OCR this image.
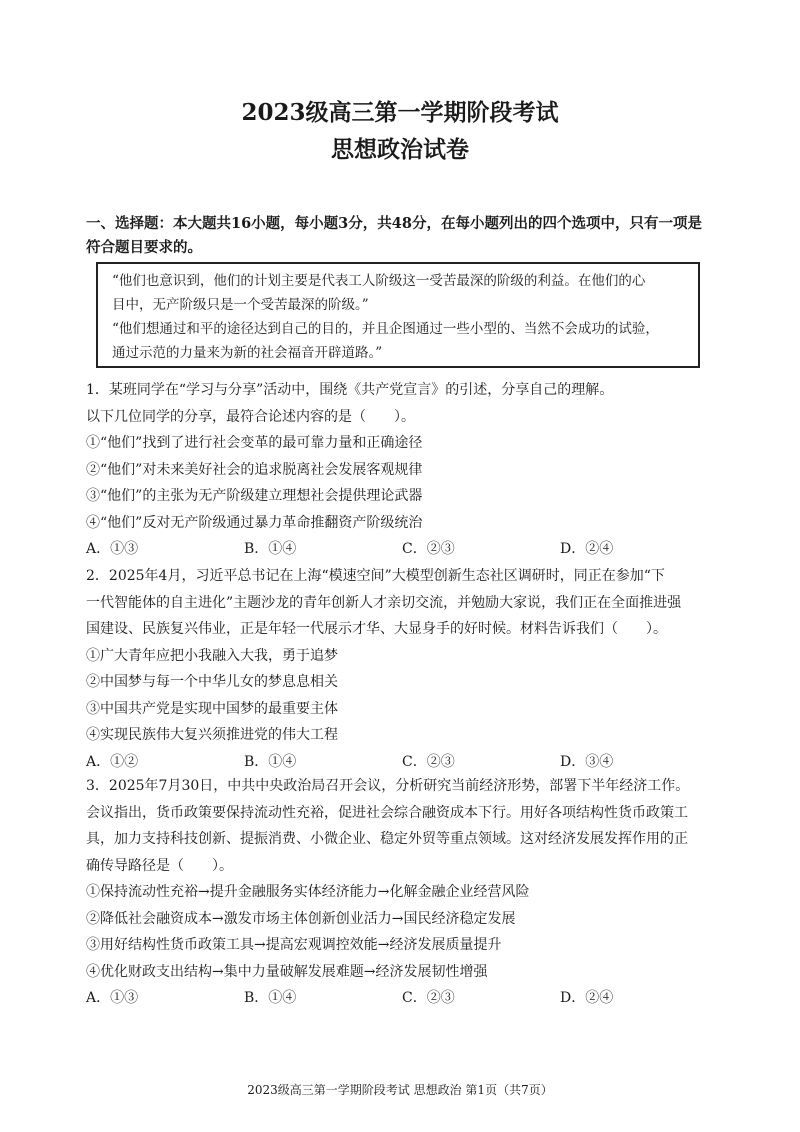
2023级高三第一学期阶段考试
思想政治试卷
一、选择题：本大题共16小题，每小题3分，共48分，在每小题列出的四个选项中，只有一项是
符合题目要求的。
“他们也意识到，他们的计划主要是代表工人阶级这一受苦最深的阶级的利益。在他们的心
目中，无产阶级只是一个受苦最深的阶级。”
“他们想通过和平的途径达到自己的目的，并且企图通过一些小型的、当然不会成功的试验，
通过示范的力量来为新的社会福音开辟道路。”
1．某班同学在“学习与分享”活动中，围绕《共产党宣言》的引述，分享自己的理解。
以下几位同学的分享，最符合论述内容的是（　　）。
①“他们”找到了进行社会变革的最可靠力量和正确途径
②“他们”对未来美好社会的追求脱离社会发展客观规律
③“他们”的主张为无产阶级建立理想社会提供理论武器
④“他们”反对无产阶级通过暴力革命推翻资产阶级统治
A．①③	B．①④	C．②③	D．②④
2．2025年4月，习近平总书记在上海“模速空间”大模型创新生态社区调研时，同正在参加“下
一代智能体的自主进化”主题沙龙的青年创新人才亲切交流，并勉励大家说，我们正在全面推进强
国建设、民族复兴伟业，正是年轻一代展示才华、大显身手的好时候。材料告诉我们（　　）。
①广大青年应把小我融入大我，勇于追梦
②中国梦与每一个中华儿女的梦息息相关
③中国共产党是实现中国梦的最重要主体
④实现民族伟大复兴须推进党的伟大工程
A．①②	B．①④	C．②③	D．③④
3．2025年7月30日，中共中央政治局召开会议，分析研究当前经济形势，部署下半年经济工作。
会议指出，货币政策要保持流动性充裕，促进社会综合融资成本下行。用好各项结构性货币政策工
具，加力支持科技创新、提振消费、小微企业、稳定外贸等重点领域。这对经济发展发挥作用的正
确传导路径是（　　）。
①保持流动性充裕→提升金融服务实体经济能力→化解金融企业经营风险
②降低社会融资成本→激发市场主体创新创业活力→国民经济稳定发展
③用好结构性货币政策工具→提高宏观调控效能→经济发展质量提升
④优化财政支出结构→集中力量破解发展难题→经济发展韧性增强
A．①③	B．①④	C．②③	D．②④
2023级高三第一学期阶段考试 思想政治 第1页（共7页）
